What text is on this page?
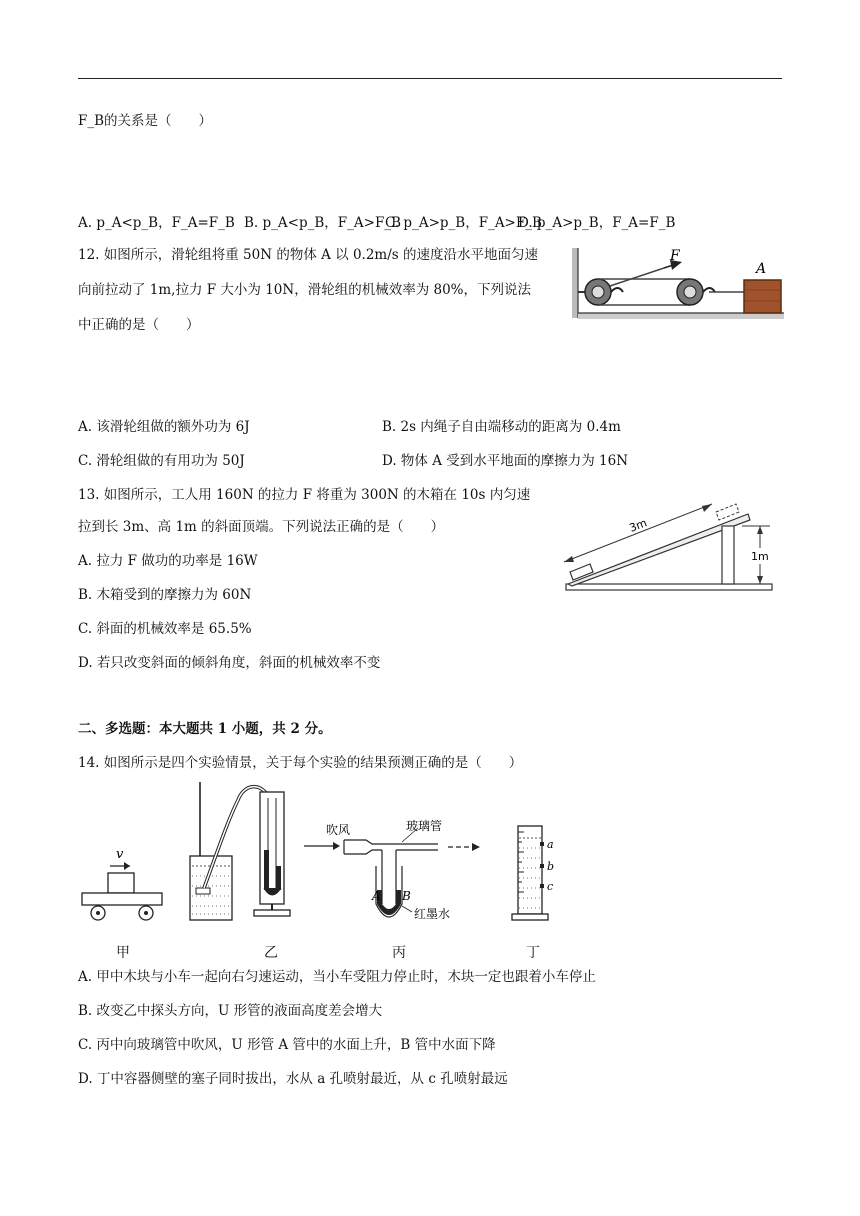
F_B的关系是（　　）
A. p_A<p_B，F_A=F_B B. p_A<p_B，F_A>F_B
C. p_A>p_B，F_A>F_B
D. p_A>p_B，F_A=F_B
12. 如图所示，滑轮组将重 50N 的物体 A 以 0.2m/s 的速度沿水平地面匀速
向前拉动了 1m,拉力 F 大小为 10N，滑轮组的机械效率为 80%，下列说法
中正确的是（　　）
F
A
A. 该滑轮组做的额外功为 6J	B. 2s 内绳子自由端移动的距离为 0.4m
C. 滑轮组做的有用功为 50J	D. 物体 A 受到水平地面的摩擦力为 16N
13. 如图所示，工人用 160N 的拉力 F 将重为 300N 的木箱在 10s 内匀速
拉到长 3m、高 1m 的斜面顶端。下列说法正确的是（　　）	3m
1m
A. 拉力 F 做功的功率是 16W
B. 木箱受到的摩擦力为 60N
C. 斜面的机械效率是 65.5%
D. 若只改变斜面的倾斜角度，斜面的机械效率不变
二、多选题：本大题共 1 小题，共 2 分。
14. 如图所示是四个实验情景，关于每个实验的结果预测正确的是（　　）
v
吹风	玻璃管
A B
红墨水
a
b
c
甲	乙	丙	丁
A. 甲中木块与小车一起向右匀速运动，当小车受阻力停止时，木块一定也跟着小车停止
B. 改变乙中探头方向，U 形管的液面高度差会增大
C. 丙中向玻璃管中吹风，U 形管 A 管中的水面上升，B 管中水面下降
D. 丁中容器侧壁的塞子同时拔出，水从 a 孔喷射最近，从 c 孔喷射最远
